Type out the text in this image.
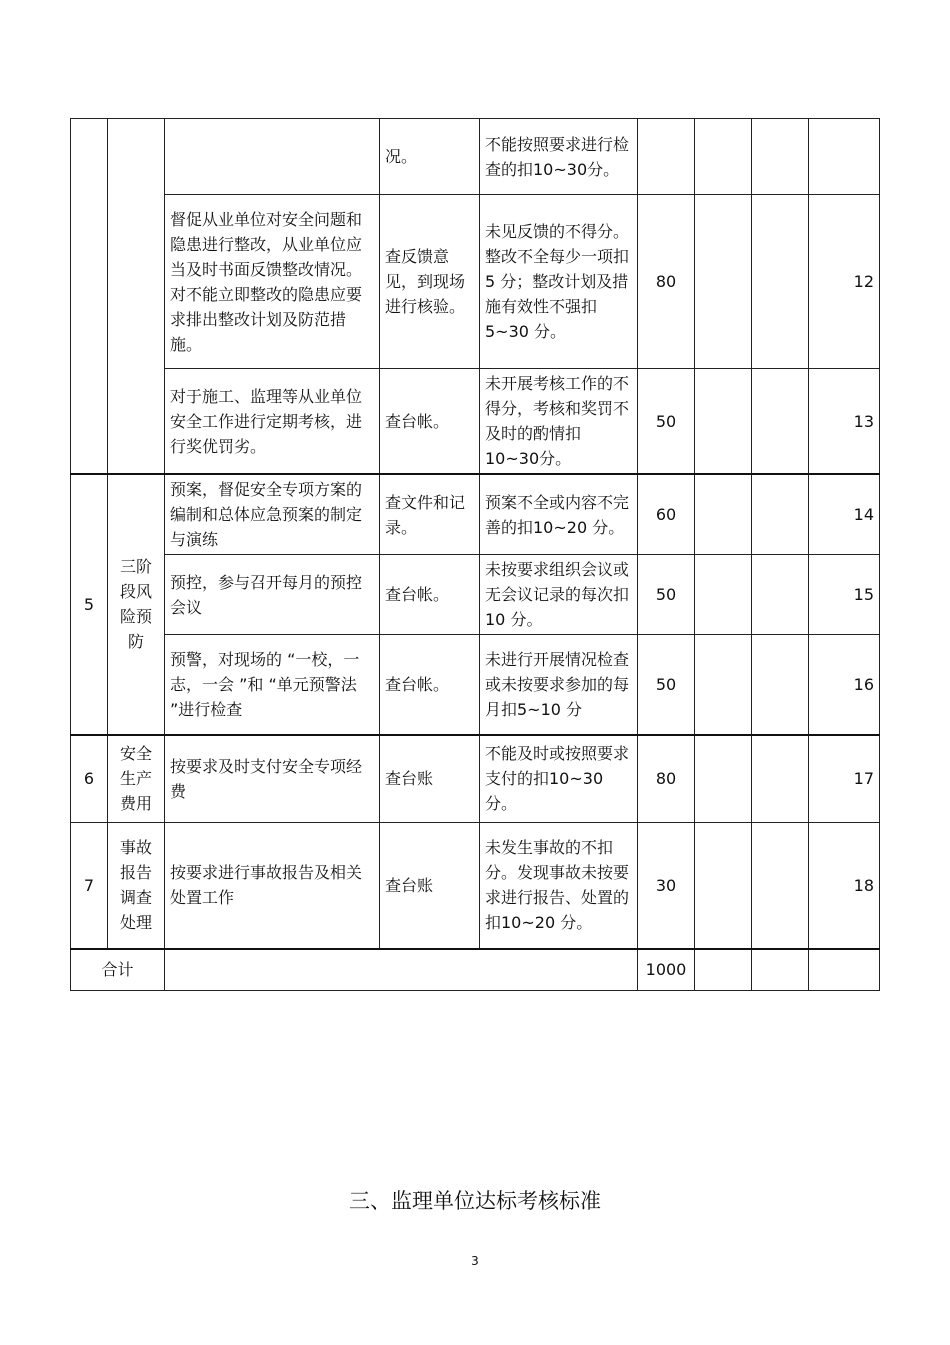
			况。	不能按照要求进行检查的扣10~30分。				
		督促从业单位对安全问题和隐患进行整改，从业单位应当及时书面反馈整改情况。对不能立即整改的隐患应要求排出整改计划及防范措施。	查反馈意见，到现场进行核验。	未见反馈的不得分。整改不全每少一项扣 5 分；整改计划及措施有效性不强扣5~30 分。	80			12
		对于施工、监理等从业单位安全工作进行定期考核，进行奖优罚劣。	查台帐。	未开展考核工作的不得分，考核和奖罚不及时的酌情扣 10~30分。	50			13
5	三阶段风险预防	预案，督促安全专项方案的编制和总体应急预案的制定与演练	查文件和记录。	预案不全或内容不完善的扣10~20 分。	60			14
		预控，参与召开每月的预控会议	查台帐。	未按要求组织会议或无会议记录的每次扣 10 分。	50			15
		预警，对现场的 “一校，一志，一会 ”和 “单元预警法 ”进行检查	查台帐。	未进行开展情况检查或未按要求参加的每月扣5~10 分	50			16
6	安全生产费用	按要求及时支付安全专项经费	查台账	不能及时或按照要求支付的扣10~30 分。	80			17
7	事故报告调查处理	按要求进行事故报告及相关处置工作	查台账	未发生事故的不扣分。发现事故未按要求进行报告、处置的扣10~20 分。	30			18
合计					1000			
三、监理单位达标考核标准
3
